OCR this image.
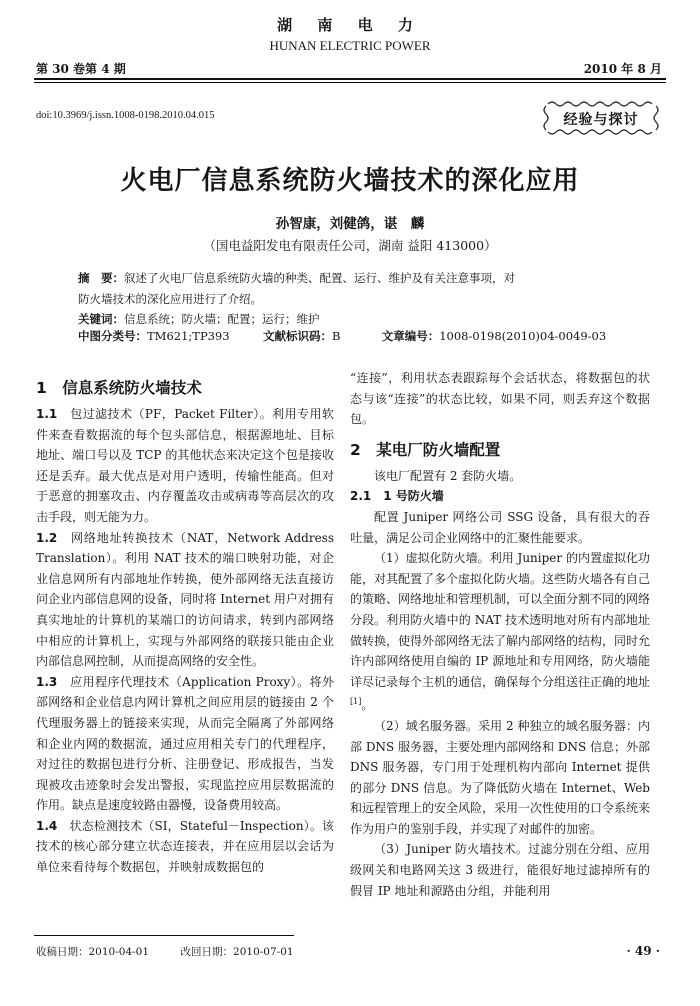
湖 南 电 力
HUNAN ELECTRIC POWER
第 30 卷第 4 期	2010 年 8 月
doi:10.3969/j.issn.1008-0198.2010.04.015	经验与探讨
火电厂信息系统防火墙技术的深化应用
孙智康，刘健鸽，谌　麟
（国电益阳发电有限责任公司，湖南 益阳 413000）
摘　要：叙述了火电厂信息系统防火墙的种类、配置、运行、维护及有关注意事项，对
防火墙技术的深化应用进行了介绍。
关键词：信息系统；防火墙；配置；运行；维护
中图分类号：TM621;TP393	文献标识码：B	文章编号：1008-0198(2010)04-0049-03
1　信息系统防火墙技术

1.1　 包过滤技术（PF，Packet Filter）。利用专用软件来查看数据流的每个包头部信息，根据源地址、目标地址、端口号以及 TCP 的其他状态来决定这个包是接收还是丢弃。最大优点是对用户透明，传输性能高。但对于恶意的拥塞攻击、内存覆盖攻击或病毒等高层次的攻击手段，则无能为力。

1.2　 网络地址转换技术（NAT，Network Address Translation）。利用 NAT 技术的端口映射功能，对企业信息网所有内部地址作转换，使外部网络无法直接访问企业内部信息网的设备，同时将 Internet 用户对拥有真实地址的计算机的某端口的访问请求，转到内部网络中相应的计算机上，实现与外部网络的联接只能由企业内部信息网控制，从而提高网络的安全性。

1.3　 应用程序代理技术（Application Proxy）。将外部网络和企业信息内网计算机之间应用层的链接由 2 个代理服务器上的链接来实现，从而完全隔离了外部网络和企业内网的数据流，通过应用相关专门的代理程序，对过往的数据包进行分析、注册登记、形成报告，当发现被攻击迹象时会发出警报，实现监控应用层数据流的作用。缺点是速度较路由器慢，设备费用较高。

1.4　 状态检测技术（SI，Stateful－Inspection）。该技术的核心部分建立状态连接表，并在应用层以会话为单位来看待每个数据包，并映射成数据包的

“连接”，利用状态表跟踪每个会话状态，将数据包的状态与该“连接”的状态比较，如果不同，则丢弃这个数据包。

2　某电厂防火墙配置

该电厂配置有 2 套防火墙。

2.1　1 号防火墙

配置 Juniper 网络公司 SSG 设备，具有很大的吞吐量，满足公司企业网络中的汇聚性能要求。

（1）虚拟化防火墙。利用 Juniper 的内置虚拟化功能，对其配置了多个虚拟化防火墙。这些防火墙各有自己的策略、网络地址和管理机制，可以全面分割不同的网络分段。利用防火墙中的 NAT 技术透明地对所有内部地址做转换，使得外部网络无法了解内部网络的结构，同时允许内部网络使用自编的 IP 源地址和专用网络，防火墙能详尽记录每个主机的通信，确保每个分组送往正确的地址[1]。

（2）域名服务器。采用 2 种独立的域名服务器：内部 DNS 服务器，主要处理内部网络和 DNS 信息；外部 DNS 服务器，专门用于处理机构内部向 Internet 提供的部分 DNS 信息。为了降低防火墙在 Internet、Web 和远程管理上的安全风险，采用一次性使用的口令系统来作为用户的鉴别手段，并实现了对邮件的加密。

（3）Juniper 防火墙技术。过滤分别在分组、应用级网关和电路网关这 3 级进行，能很好地过滤掉所有的假冒 IP 地址和源路由分组，并能利用

收稿日期：2010-04-01　　　改回日期：2010-07-01	· 49 ·
